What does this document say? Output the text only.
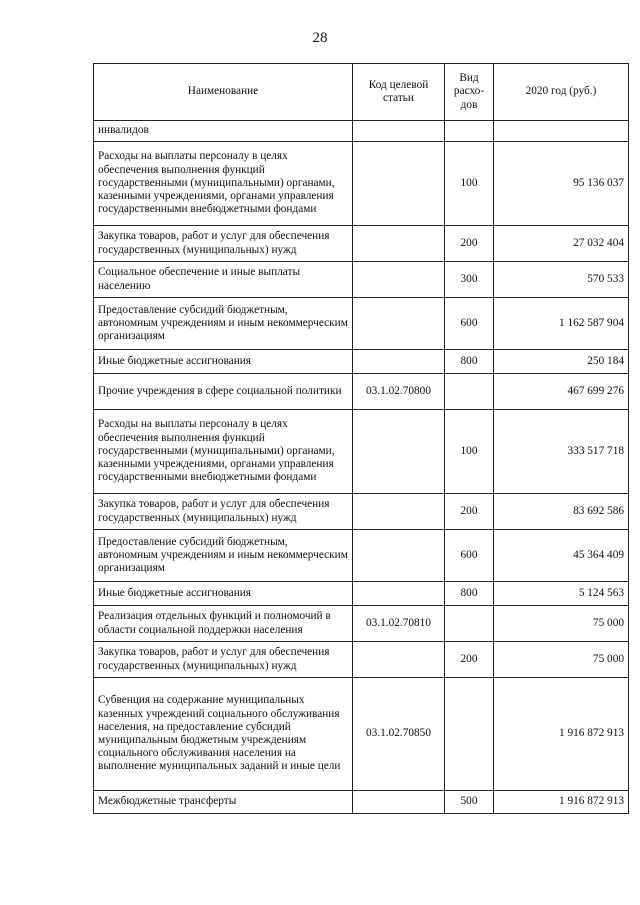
28
Наименование	Код целевой статьи	Вид расхо-дов	2020 год (руб.)
инвалидов			
Расходы на выплаты персоналу в целях обеспечения выполнения функций государственными (муниципальными) органами, казенными учреждениями, органами управления государственными внебюджетными фондами		100	95 136 037
Закупка товаров, работ и услуг для обеспечения государственных (муниципальных) нужд		200	27 032 404
Социальное обеспечение и иные выплаты населению		300	570 533
Предоставление субсидий бюджетным, автономным учреждениям и иным некоммерческим организациям		600	1 162 587 904
Иные бюджетные ассигнования		800	250 184
Прочие учреждения в сфере социальной политики	03.1.02.70800		467 699 276
Расходы на выплаты персоналу в целях обеспечения выполнения функций государственными (муниципальными) органами, казенными учреждениями, органами управления государственными внебюджетными фондами		100	333 517 718
Закупка товаров, работ и услуг для обеспечения государственных (муниципальных) нужд		200	83 692 586
Предоставление субсидий бюджетным, автономным учреждениям и иным некоммерческим организациям		600	45 364 409
Иные бюджетные ассигнования		800	5 124 563
Реализация отдельных функций и полномочий в области социальной поддержки населения	03.1.02.70810		75 000
Закупка товаров, работ и услуг для обеспечения государственных (муниципальных) нужд		200	75 000
Субвенция на содержание муниципальных казенных учреждений социального обслуживания населения, на предоставление субсидий муниципальным бюджетным учреждениям социального обслуживания населения на выполнение муниципальных заданий и иные цели	03.1.02.70850		1 916 872 913
Межбюджетные трансферты		500	1 916 872 913
